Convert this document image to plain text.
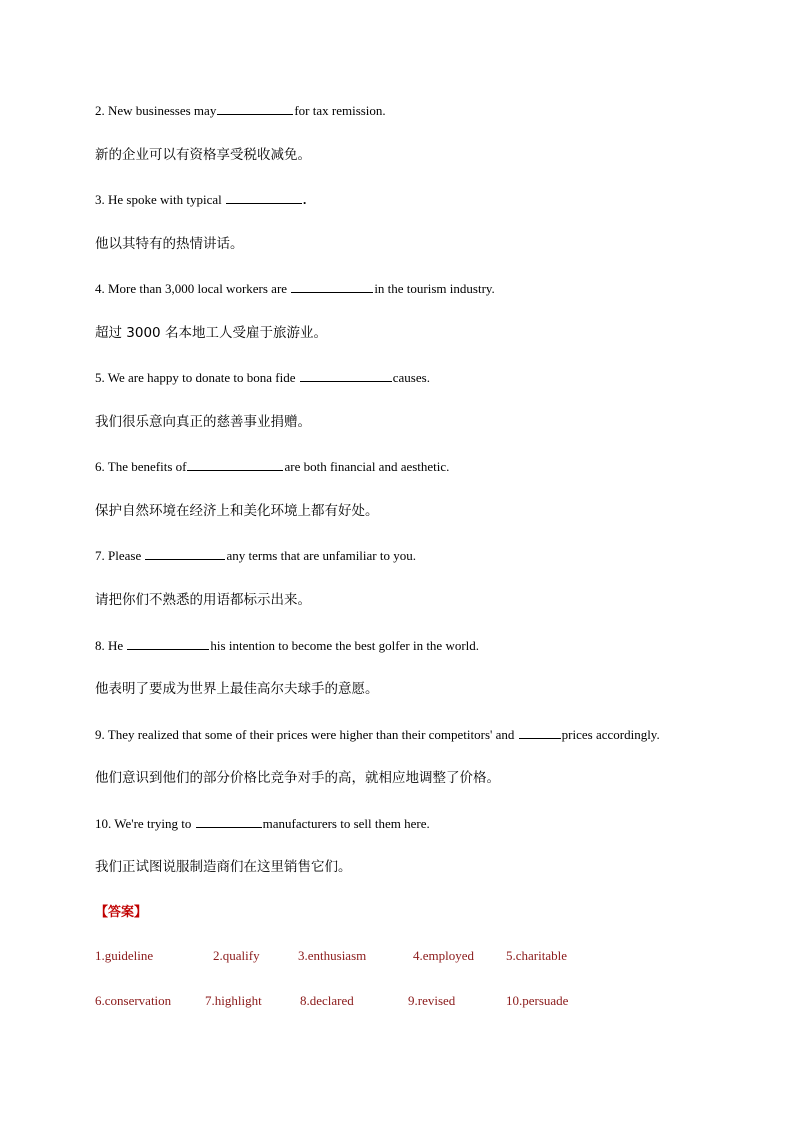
2. New businesses may	for tax remission.
新的企业可以有资格享受税收减免。
3. He spoke with typical	.
他以其特有的热情讲话。
4. More than 3,000 local workers are	in the tourism industry.
超过 3000 名本地工人受雇于旅游业。
5. We are happy to donate to bona fide	causes.
我们很乐意向真正的慈善事业捐赠。
6. The benefits of	are both financial and aesthetic.
保护自然环境在经济上和美化环境上都有好处。
7. Please	any terms that are unfamiliar to you.
请把你们不熟悉的用语都标示出来。
8. He	his intention to become the best golfer in the world.
他表明了要成为世界上最佳高尔夫球手的意愿。
9. They realized that some of their prices were higher than their competitors' and	prices accordingly.
他们意识到他们的部分价格比竞争对手的高，就相应地调整了价格。
10. We're trying to	manufacturers to sell them here.
我们正试图说服制造商们在这里销售它们。
【答案】
1.guideline	2.qualify	3.enthusiasm	4.employed 5.charitable
6.conservation	7.highlight	8.declared	9.revised	10.persuade
